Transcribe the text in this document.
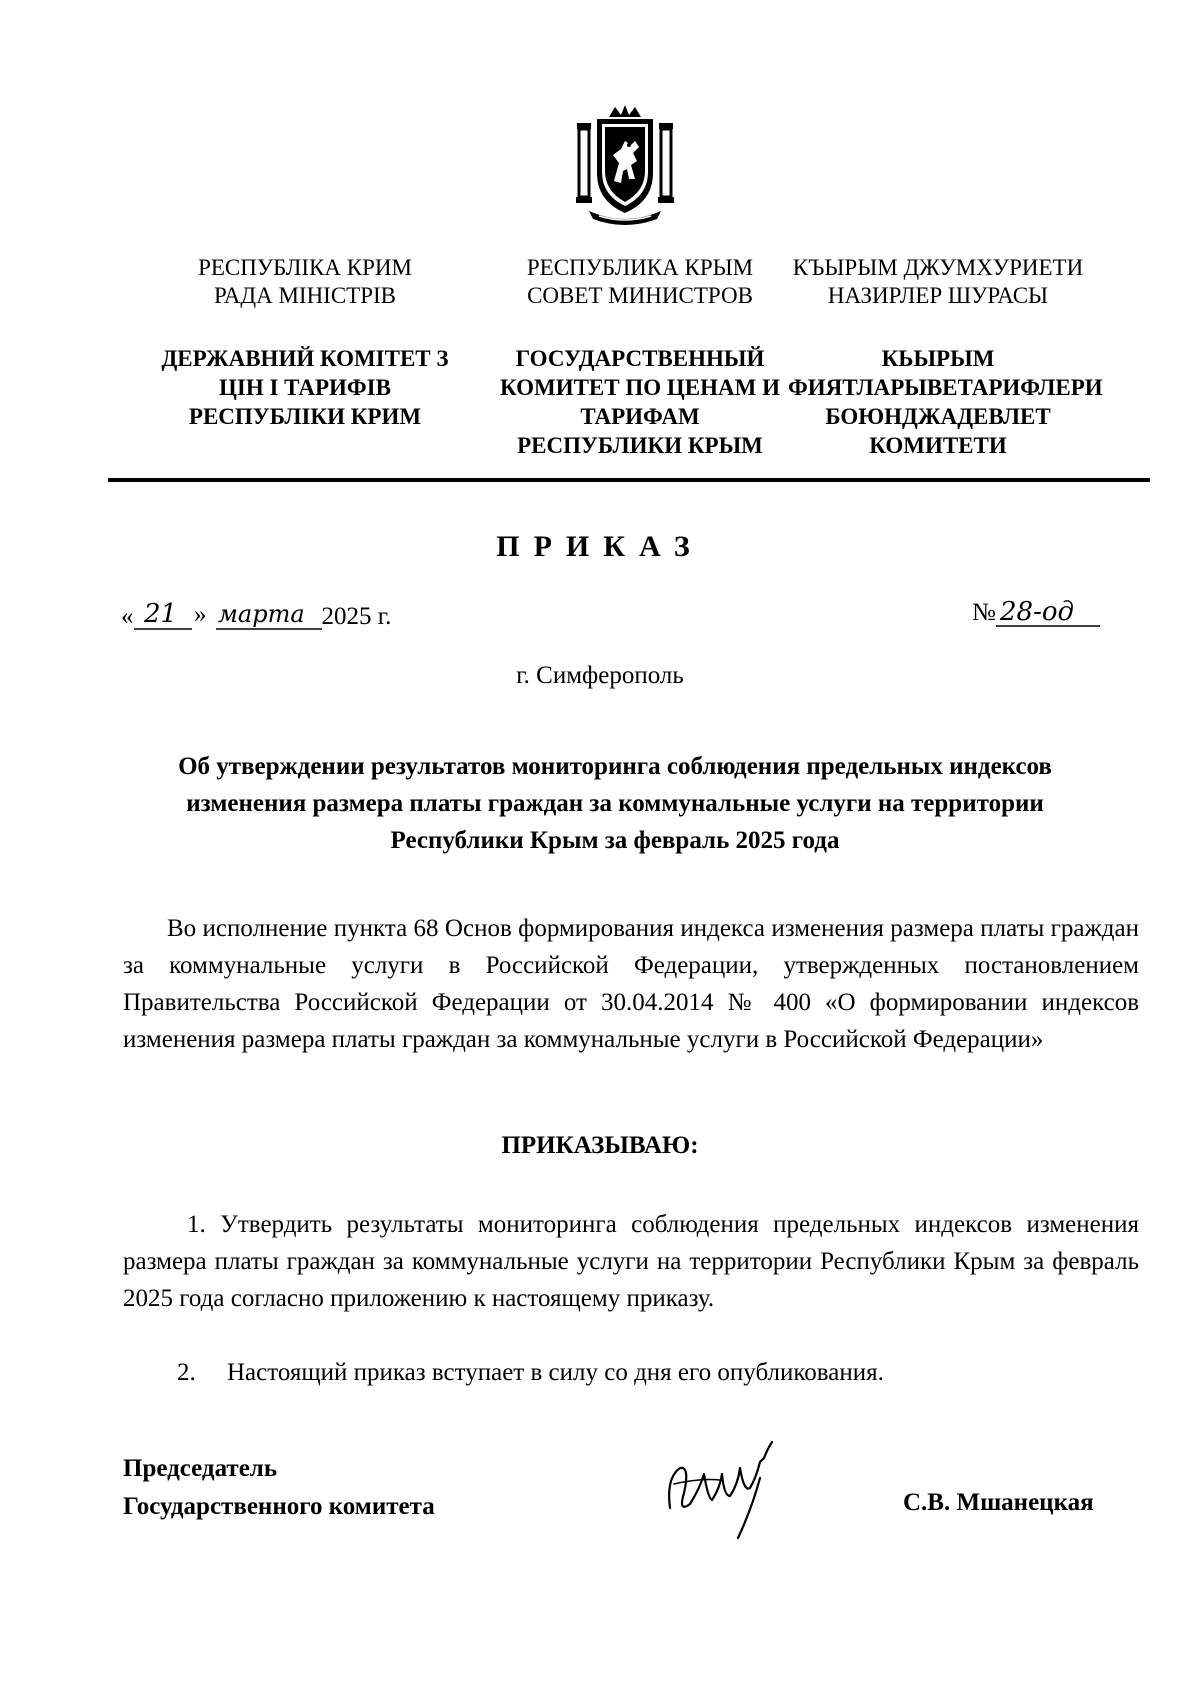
РЕСПУБЛІКА КРИМ
РАДА МІНІСТРІВ
ДЕРЖАВНИЙ КОМІТЕТ З
ЦІН І ТАРИФІВ
РЕСПУБЛІКИ КРИМ
РЕСПУБЛИКА КРЫМ
СОВЕТ МИНИСТРОВ
ГОСУДАРСТВЕННЫЙ
КОМИТЕТ ПО ЦЕНАМ И
ТАРИФАМ
РЕСПУБЛИКИ КРЫМ
КЪЫРЫМ ДЖУМХУРИЕТИ
НАЗИРЛЕР ШУРАСЫ
КЬЫРЫМ
ФИЯТЛАРЫВЕТАРИФЛЕРИ
БОЮНДЖАДЕВЛЕТ
КОМИТЕТИ
ПРИКАЗ
« 21 » марта 2025 г.	№ 28-од
г. Симферополь
Об утверждении результатов мониторинга соблюдения предельных индексов изменения размера платы граждан за коммунальные услуги на территории Республики Крым за февраль 2025 года
Во исполнение пункта 68 Основ формирования индекса изменения размера платы граждан за коммунальные услуги в Российской Федерации, утвержденных постановлением Правительства Российской Федерации от 30.04.2014 № 400 «О формировании индексов изменения размера платы граждан за коммунальные услуги в Российской Федерации»
ПРИКАЗЫВАЮ:
1. Утвердить результаты мониторинга соблюдения предельных индексов изменения размера платы граждан за коммунальные услуги на территории Республики Крым за февраль 2025 года согласно приложению к настоящему приказу.
2. Настоящий приказ вступает в силу со дня его опубликования.
Председатель
Государственного комитета	С.В. Мшанецкая
